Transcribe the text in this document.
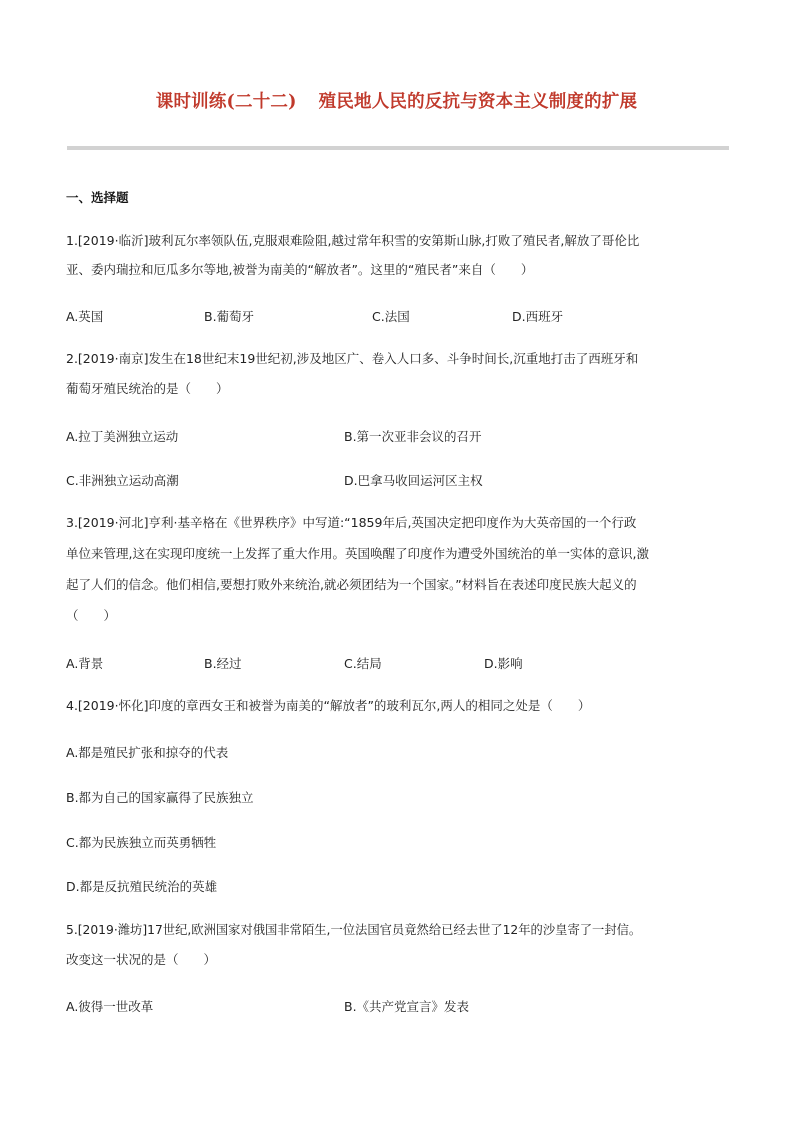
课时训练(二十二) 殖民地人民的反抗与资本主义制度的扩展
一、选择题
1.[2019·临沂]玻利瓦尔率领队伍,克服艰难险阻,越过常年积雪的安第斯山脉,打败了殖民者,解放了哥伦比
亚、委内瑞拉和厄瓜多尔等地,被誉为南美的“解放者”。这里的“殖民者”来自（　　）
A.英国	B.葡萄牙	C.法国	D.西班牙
2.[2019·南京]发生在18世纪末19世纪初,涉及地区广、卷入人口多、斗争时间长,沉重地打击了西班牙和
葡萄牙殖民统治的是（　　）
A.拉丁美洲独立运动	B.第一次亚非会议的召开
C.非洲独立运动高潮	D.巴拿马收回运河区主权
3.[2019·河北]亨利·基辛格在《世界秩序》中写道:“1859年后,英国决定把印度作为大英帝国的一个行政
单位来管理,这在实现印度统一上发挥了重大作用。英国唤醒了印度作为遭受外国统治的单一实体的意识,激
起了人们的信念。他们相信,要想打败外来统治,就必须团结为一个国家。”材料旨在表述印度民族大起义的
（　　）
A.背景	B.经过	C.结局	D.影响
4.[2019·怀化]印度的章西女王和被誉为南美的“解放者”的玻利瓦尔,两人的相同之处是（　　）
A.都是殖民扩张和掠夺的代表
B.都为自己的国家赢得了民族独立
C.都为民族独立而英勇牺牲
D.都是反抗殖民统治的英雄
5.[2019·潍坊]17世纪,欧洲国家对俄国非常陌生,一位法国官员竟然给已经去世了12年的沙皇寄了一封信。
改变这一状况的是（　　）
A.彼得一世改革	B.《共产党宣言》发表
